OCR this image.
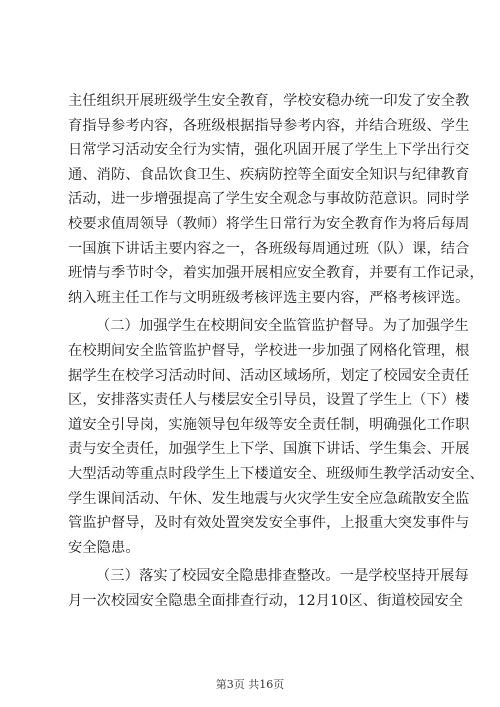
主任组织开展班级学生安全教育，学校安稳办统一印发了安全教
育指导参考内容，各班级根据指导参考内容，并结合班级、学生
日常学习活动安全行为实情，强化巩固开展了学生上下学出行交
通、消防、食品饮食卫生、疾病防控等全面安全知识与纪律教育
活动，进一步增强提高了学生安全观念与事故防范意识。同时学
校要求值周领导（教师）将学生日常行为安全教育作为将后每周
一国旗下讲话主要内容之一，各班级每周通过班（队）课，结合
班情与季节时令，着实加强开展相应安全教育，并要有工作记录，
纳入班主任工作与文明班级考核评选主要内容，严格考核评选。
（二）加强学生在校期间安全监管监护督导。为了加强学生
在校期间安全监管监护督导，学校进一步加强了网格化管理，根
据学生在校学习活动时间、活动区域场所，划定了校园安全责任
区，安排落实责任人与楼层安全引导员，设置了学生上（下）楼
道安全引导岗，实施领导包年级等安全责任制，明确强化工作职
责与安全责任，加强学生上下学、国旗下讲话、学生集会、开展
大型活动等重点时段学生上下楼道安全、班级师生教学活动安全、
学生课间活动、午休、发生地震与火灾学生安全应急疏散安全监
管监护督导，及时有效处置突发安全事件，上报重大突发事件与
安全隐患。
（三）落实了校园安全隐患排查整改。一是学校坚持开展每
月一次校园安全隐患全面排查行动，12月10区、街道校园安全
第3页 共16页
